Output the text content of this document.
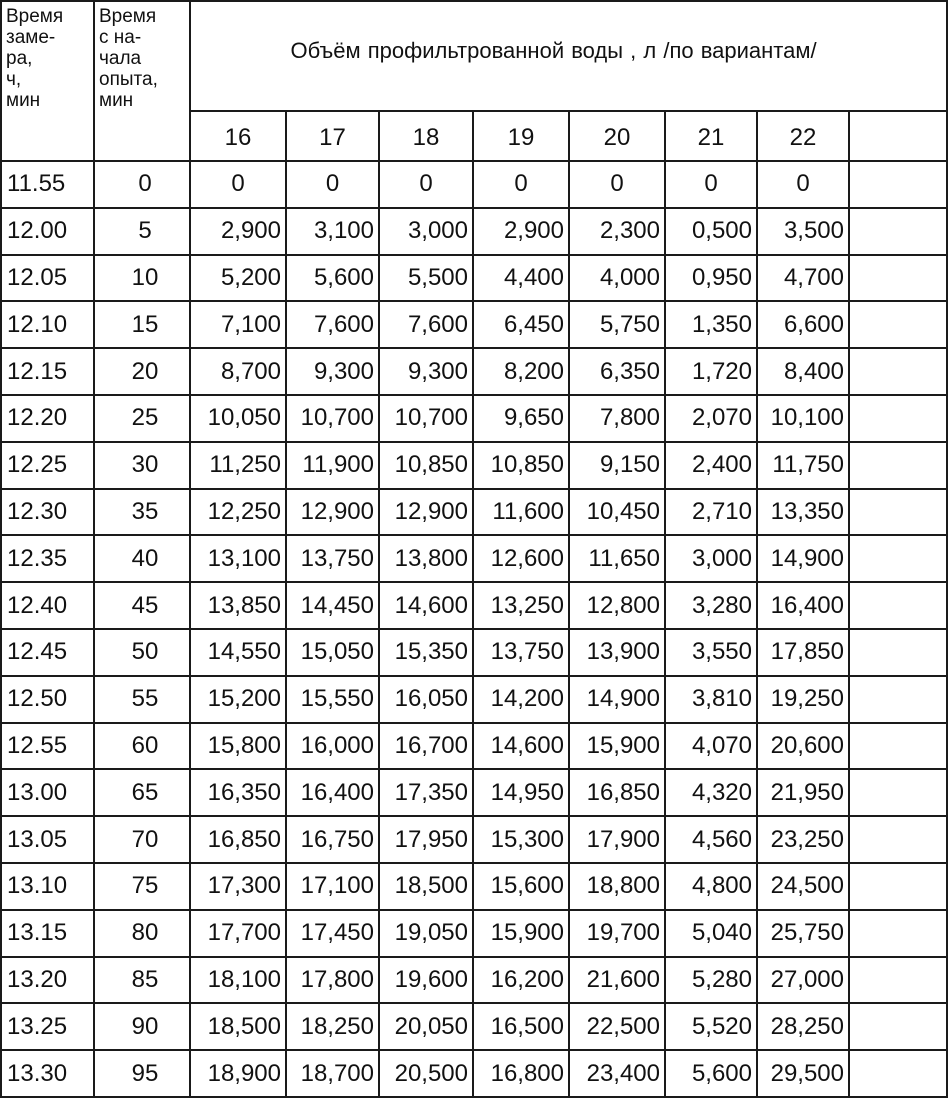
Время
заме-
ра,
ч,
мин	Время
с на-
чала
опыта,
мин	Объём профильтрованной воды , л /по вариантам/							
		16	17	18	19	20	21	22	
11.55	0	0	0	0	0	0	0	0	
12.00	5	2,900	3,100	3,000	2,900	2,300	0,500	3,500	
12.05	10	5,200	5,600	5,500	4,400	4,000	0,950	4,700	
12.10	15	7,100	7,600	7,600	6,450	5,750	1,350	6,600	
12.15	20	8,700	9,300	9,300	8,200	6,350	1,720	8,400	
12.20	25	10,050	10,700	10,700	9,650	7,800	2,070	10,100	
12.25	30	11,250	11,900	10,850	10,850	9,150	2,400	11,750	
12.30	35	12,250	12,900	12,900	11,600	10,450	2,710	13,350	
12.35	40	13,100	13,750	13,800	12,600	11,650	3,000	14,900	
12.40	45	13,850	14,450	14,600	13,250	12,800	3,280	16,400	
12.45	50	14,550	15,050	15,350	13,750	13,900	3,550	17,850	
12.50	55	15,200	15,550	16,050	14,200	14,900	3,810	19,250	
12.55	60	15,800	16,000	16,700	14,600	15,900	4,070	20,600	
13.00	65	16,350	16,400	17,350	14,950	16,850	4,320	21,950	
13.05	70	16,850	16,750	17,950	15,300	17,900	4,560	23,250	
13.10	75	17,300	17,100	18,500	15,600	18,800	4,800	24,500	
13.15	80	17,700	17,450	19,050	15,900	19,700	5,040	25,750	
13.20	85	18,100	17,800	19,600	16,200	21,600	5,280	27,000	
13.25	90	18,500	18,250	20,050	16,500	22,500	5,520	28,250	
13.30	95	18,900	18,700	20,500	16,800	23,400	5,600	29,500	
